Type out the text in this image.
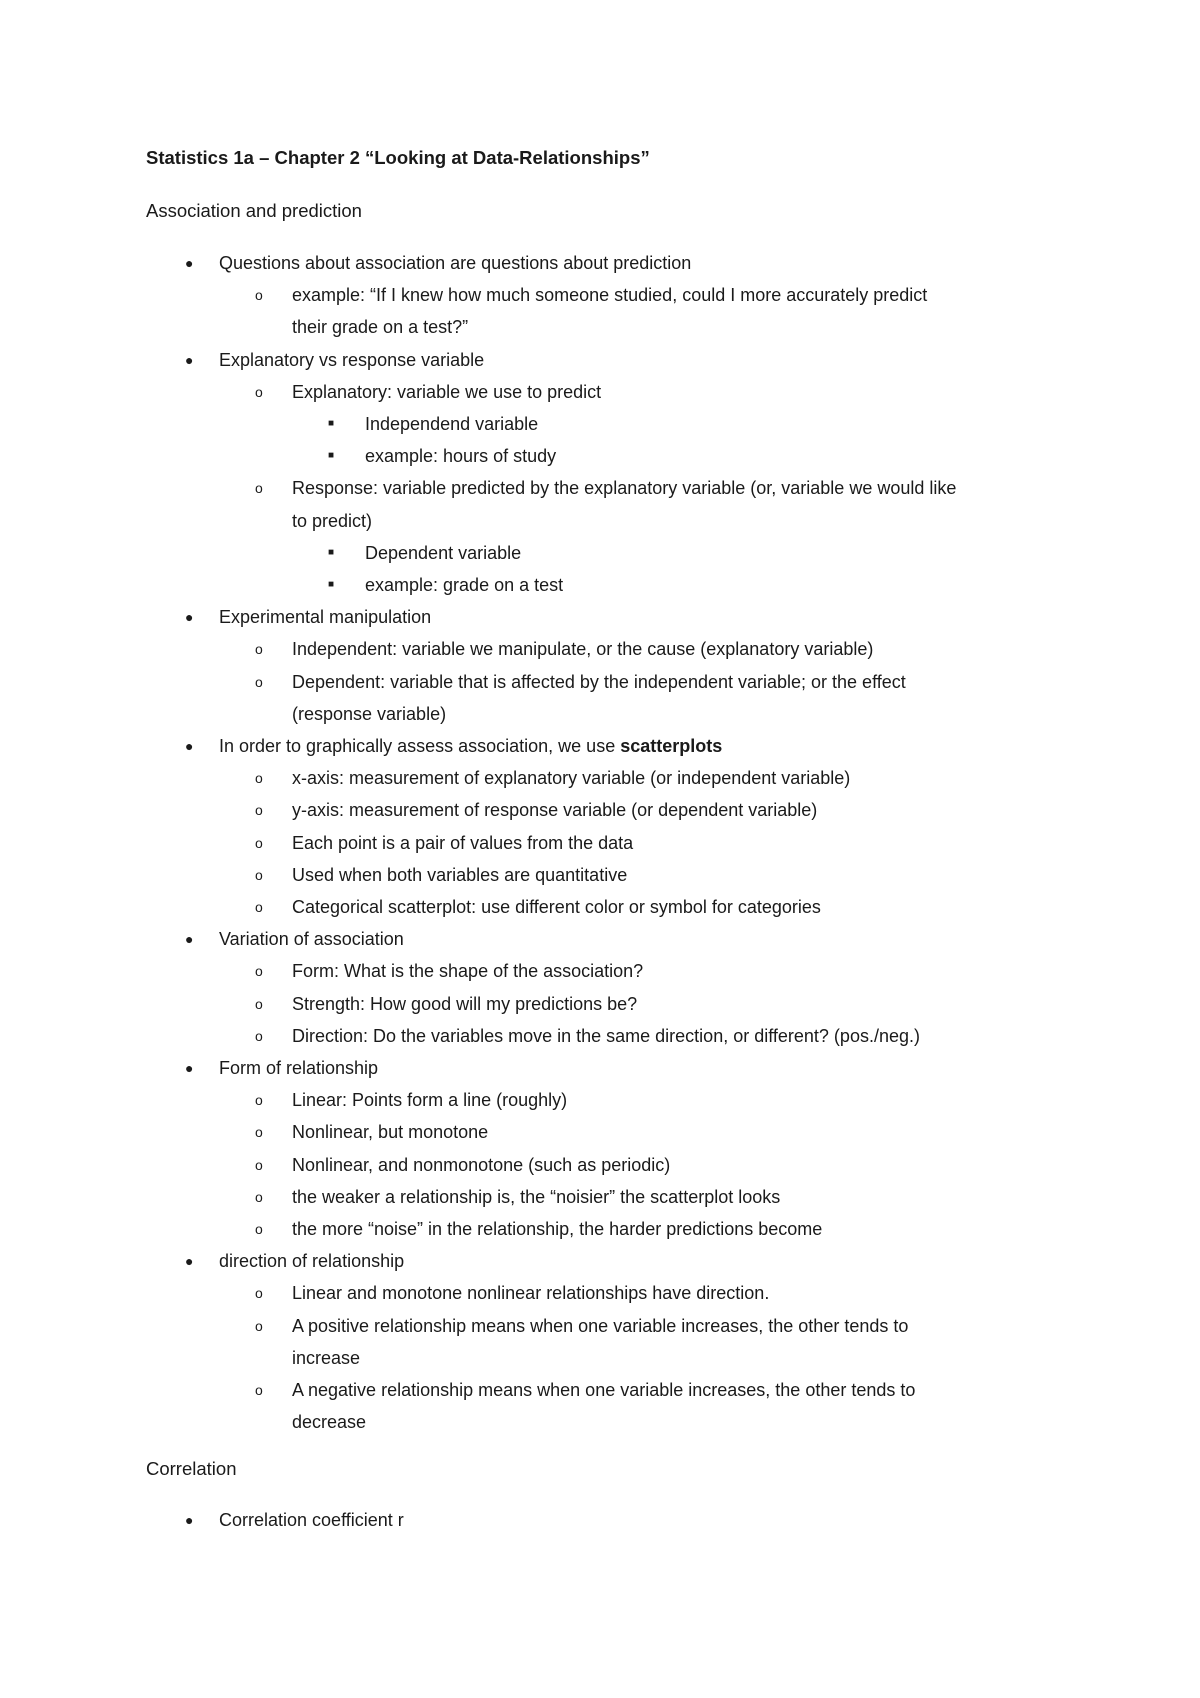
Statistics 1a – Chapter 2 “Looking at Data-Relationships”
Association and prediction
● Questions about association are questions about prediction
o example: “If I knew how much someone studied, could I more accurately predict
their grade on a test?”
● Explanatory vs response variable
o Explanatory: variable we use to predict
■ Independend variable
■ example: hours of study
o Response: variable predicted by the explanatory variable (or, variable we would like
to predict)
■ Dependent variable
■ example: grade on a test
● Experimental manipulation
o Independent: variable we manipulate, or the cause (explanatory variable)
o Dependent: variable that is affected by the independent variable; or the effect
(response variable)
● In order to graphically assess association, we use scatterplots
o x-axis: measurement of explanatory variable (or independent variable)
o y-axis: measurement of response variable (or dependent variable)
o Each point is a pair of values from the data
o Used when both variables are quantitative
o Categorical scatterplot: use different color or symbol for categories
● Variation of association
o Form: What is the shape of the association?
o Strength: How good will my predictions be?
o Direction: Do the variables move in the same direction, or different? (pos./neg.)
● Form of relationship
o Linear: Points form a line (roughly)
o Nonlinear, but monotone
o Nonlinear, and nonmonotone (such as periodic)
o the weaker a relationship is, the “noisier” the scatterplot looks
o the more “noise” in the relationship, the harder predictions become
● direction of relationship
o Linear and monotone nonlinear relationships have direction.
o A positive relationship means when one variable increases, the other tends to
increase
o A negative relationship means when one variable increases, the other tends to
decrease
Correlation
● Correlation coefficient r
